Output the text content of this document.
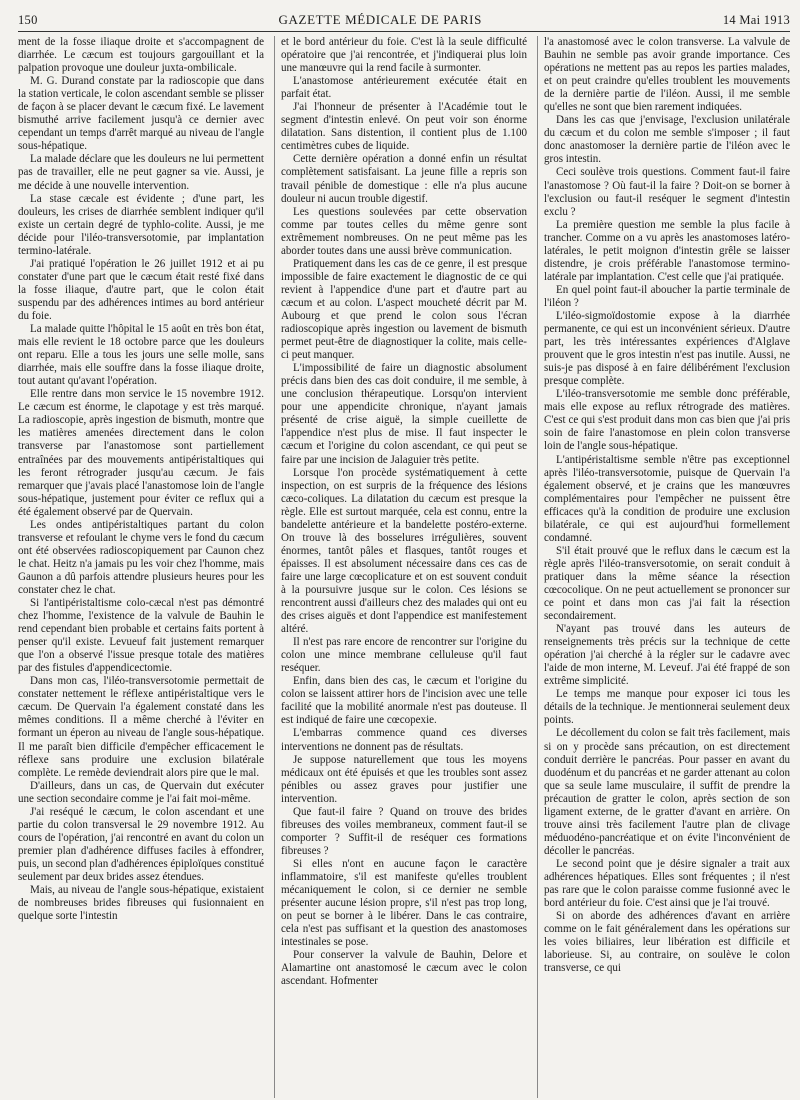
150	GAZETTE MÉDICALE DE PARIS	14 Mai 1913

ment de la fosse iliaque droite et s'accompagnent de diarrhée. Le cæcum est toujours gargouillant et la palpation provoque une douleur juxta-ombilicale.

M. G. Durand constate par la radioscopie que dans la station verticale, le colon ascendant semble se plisser de façon à se placer devant le cæcum fixé. Le lavement bismuthé arrive facilement jusqu'à ce dernier avec cependant un temps d'arrêt marqué au niveau de l'angle sous-hépatique.

La malade déclare que les douleurs ne lui permettent pas de travailler, elle ne peut gagner sa vie. Aussi, je me décide à une nouvelle intervention.

La stase cæcale est évidente ; d'une part, les douleurs, les crises de diarrhée semblent indiquer qu'il existe un certain degré de typhlo-colite. Aussi, je me décide pour l'iléo-transversotomie, par implantation termino-latérale.

J'ai pratiqué l'opération le 26 juillet 1912 et ai pu constater d'une part que le cæcum était resté fixé dans la fosse iliaque, d'autre part, que le colon était suspendu par des adhérences intimes au bord antérieur du foie.

La malade quitte l'hôpital le 15 août en très bon état, mais elle revient le 18 octobre parce que les douleurs ont reparu. Elle a tous les jours une selle molle, sans diarrhée, mais elle souffre dans la fosse iliaque droite, tout autant qu'avant l'opération.

Elle rentre dans mon service le 15 novembre 1912. Le cæcum est énorme, le clapotage y est très marqué. La radioscopie, après ingestion de bismuth, montre que les matières amenées directement dans le colon transverse par l'anastomose sont partiellement entraînées par des mouvements antipéristaltiques qui les feront rétrograder jusqu'au cæcum. Je fais remarquer que j'avais placé l'anastomose loin de l'angle sous-hépatique, justement pour éviter ce reflux qui a été également observé par de Quervain.

Les ondes antipéristaltiques partant du colon transverse et refoulant le chyme vers le fond du cæcum ont été observées radioscopiquement par Caunon chez le chat. Heitz n'a jamais pu les voir chez l'homme, mais Gaunon a dû parfois attendre plusieurs heures pour les constater chez le chat.

Si l'antipéristaltisme colo-cæcal n'est pas démontré chez l'homme, l'existence de la valvule de Bauhin le rend cependant bien probable et certains faits portent à penser qu'il existe. Levueuf fait justement remarquer que l'on a observé l'issue presque totale des matières par des fistules d'appendicectomie.

Dans mon cas, l'iléo-transversotomie permettait de constater nettement le réflexe antipéristaltique vers le cæcum. De Quervain l'a également constaté dans les mêmes conditions. Il a même cherché à l'éviter en formant un éperon au niveau de l'angle sous-hépatique. Il me paraît bien difficile d'empêcher efficacement le réflexe sans produire une exclusion bilatérale complète. Le remède deviendrait alors pire que le mal.

D'ailleurs, dans un cas, de Quervain dut exécuter une section secondaire comme je l'ai fait moi-même.

J'ai reséqué le cæcum, le colon ascendant et une partie du colon transversal le 29 novembre 1912. Au cours de l'opération, j'ai rencontré en avant du colon un premier plan d'adhérence diffuses faciles à effondrer, puis, un second plan d'adhérences épiploïques constitué seulement par deux brides assez étendues.

Mais, au niveau de l'angle sous-hépatique, existaient de nombreuses brides fibreuses qui fusionnaient en quelque sorte l'intestin

et le bord antérieur du foie. C'est là la seule difficulté opératoire que j'ai rencontrée, et j'indiquerai plus loin une manœuvre qui la rend facile à surmonter.

L'anastomose antérieurement exécutée était en parfait état.

J'ai l'honneur de présenter à l'Académie tout le segment d'intestin enlevé. On peut voir son énorme dilatation. Sans distention, il contient plus de 1.100 centimètres cubes de liquide.

Cette dernière opération a donné enfin un résultat complètement satisfaisant. La jeune fille a repris son travail pénible de domestique : elle n'a plus aucune douleur ni aucun trouble digestif.

Les questions soulevées par cette observation comme par toutes celles du même genre sont extrêmement nombreuses. On ne peut même pas les aborder toutes dans une aussi brève communication.

Pratiquement dans les cas de ce genre, il est presque impossible de faire exactement le diagnostic de ce qui revient à l'appendice d'une part et d'autre part au cæcum et au colon. L'aspect moucheté décrit par M. Aubourg et que prend le colon sous l'écran radioscopique après ingestion ou lavement de bismuth permet peut-être de diagnostiquer la colite, mais celle-ci peut manquer.

L'impossibilité de faire un diagnostic absolument précis dans bien des cas doit conduire, il me semble, à une conclusion thérapeutique. Lorsqu'on intervient pour une appendicite chronique, n'ayant jamais présenté de crise aiguë, la simple cueillette de l'appendice n'est plus de mise. Il faut inspecter le cæcum et l'origine du colon ascendant, ce qui peut se faire par une incision de Jalaguier très petite.

Lorsque l'on procède systématiquement à cette inspection, on est surpris de la fréquence des lésions cæco-coliques. La dilatation du cæcum est presque la règle. Elle est surtout marquée, cela est connu, entre la bandelette antérieure et la bandelette postéro-externe. On trouve là des bosselures irrégulières, souvent énormes, tantôt pâles et flasques, tantôt rouges et épaisses. Il est absolument nécessaire dans ces cas de faire une large cœcoplicature et on est souvent conduit à la poursuivre jusque sur le colon. Ces lésions se rencontrent aussi d'ailleurs chez des malades qui ont eu des crises aiguës et dont l'appendice est manifestement altéré.

Il n'est pas rare encore de rencontrer sur l'origine du colon une mince membrane celluleuse qu'il faut reséquer.

Enfin, dans bien des cas, le cæcum et l'origine du colon se laissent attirer hors de l'incision avec une telle facilité que la mobilité anormale n'est pas douteuse. Il est indiqué de faire une cœcopexie.

L'embarras commence quand ces diverses interventions ne donnent pas de résultats.

Je suppose naturellement que tous les moyens médicaux ont été épuisés et que les troubles sont assez pénibles ou assez graves pour justifier une intervention.

Que faut-il faire ? Quand on trouve des brides fibreuses des voiles membraneux, comment faut-il se comporter ? Suffit-il de reséquer ces formations fibreuses ?

Si elles n'ont en aucune façon le caractère inflammatoire, s'il est manifeste qu'elles troublent mécaniquement le colon, si ce dernier ne semble présenter aucune lésion propre, s'il n'est pas trop long, on peut se borner à le libérer. Dans le cas contraire, cela n'est pas suffisant et la question des anastomoses intestinales se pose.

Pour conserver la valvule de Bauhin, Delore et Alamartine ont anastomosé le cæcum avec le colon ascendant. Hofmenter

l'a anastomosé avec le colon transverse. La valvule de Bauhin ne semble pas avoir grande importance. Ces opérations ne mettent pas au repos les parties malades, et on peut craindre qu'elles troublent les mouvements de la dernière partie de l'iléon. Aussi, il me semble qu'elles ne sont que bien rarement indiquées.

Dans les cas que j'envisage, l'exclusion unilatérale du cæcum et du colon me semble s'imposer ; il faut donc anastomoser la dernière partie de l'iléon avec le gros intestin.

Ceci soulève trois questions. Comment faut-il faire l'anastomose ? Où faut-il la faire ? Doit-on se borner à l'exclusion ou faut-il reséquer le segment d'intestin exclu ?

La première question me semble la plus facile à trancher. Comme on a vu après les anastomoses latéro-latérales, le petit moignon d'intestin grêle se laisser distendre, je crois préférable l'anastomose termino-latérale par implantation. C'est celle que j'ai pratiquée.

En quel point faut-il aboucher la partie terminale de l'iléon ?

L'iléo-sigmoïdostomie expose à la diarrhée permanente, ce qui est un inconvénient sérieux. D'autre part, les très intéressantes expériences d'Alglave prouvent que le gros intestin n'est pas inutile. Aussi, ne suis-je pas disposé à en faire délibérément l'exclusion presque complète.

L'iléo-transversotomie me semble donc préférable, mais elle expose au reflux rétrograde des matières. C'est ce qui s'est produit dans mon cas bien que j'ai pris soin de faire l'anastomose en plein colon transverse loin de l'angle sous-hépatique.

L'antipéristaltisme semble n'être pas exceptionnel après l'iléo-transversotomie, puisque de Quervain l'a également observé, et je crains que les manœuvres complémentaires pour l'empêcher ne puissent être efficaces qu'à la condition de produire une exclusion bilatérale, ce qui est aujourd'hui formellement condamné.

S'il était prouvé que le reflux dans le cæcum est la règle après l'iléo-transversotomie, on serait conduit à pratiquer dans la même séance la résection cœcocolique. On ne peut actuellement se prononcer sur ce point et dans mon cas j'ai fait la résection secondairement.

N'ayant pas trouvé dans les auteurs de renseignements très précis sur la technique de cette opération j'ai cherché à la régler sur le cadavre avec l'aide de mon interne, M. Leveuf. J'ai été frappé de son extrême simplicité.

Le temps me manque pour exposer ici tous les détails de la technique. Je mentionnerai seulement deux points.

Le décollement du colon se fait très facilement, mais si on y procède sans précaution, on est directement conduit derrière le pancréas. Pour passer en avant du duodénum et du pancréas et ne garder attenant au colon que sa seule lame musculaire, il suffit de prendre la précaution de gratter le colon, après section de son ligament externe, de le gratter d'avant en arrière. On trouve ainsi très facilement l'autre plan de clivage méduodéno-pancréatique et on évite l'inconvénient de décoller le pancréas.

Le second point que je désire signaler a trait aux adhérences hépatiques. Elles sont fréquentes ; il n'est pas rare que le colon paraisse comme fusionné avec le bord antérieur du foie. C'est ainsi que je l'ai trouvé.

Si on aborde des adhérences d'avant en arrière comme on le fait généralement dans les opérations sur les voies biliaires, leur libération est difficile et laborieuse. Si, au contraire, on soulève le colon transverse, ce qui
